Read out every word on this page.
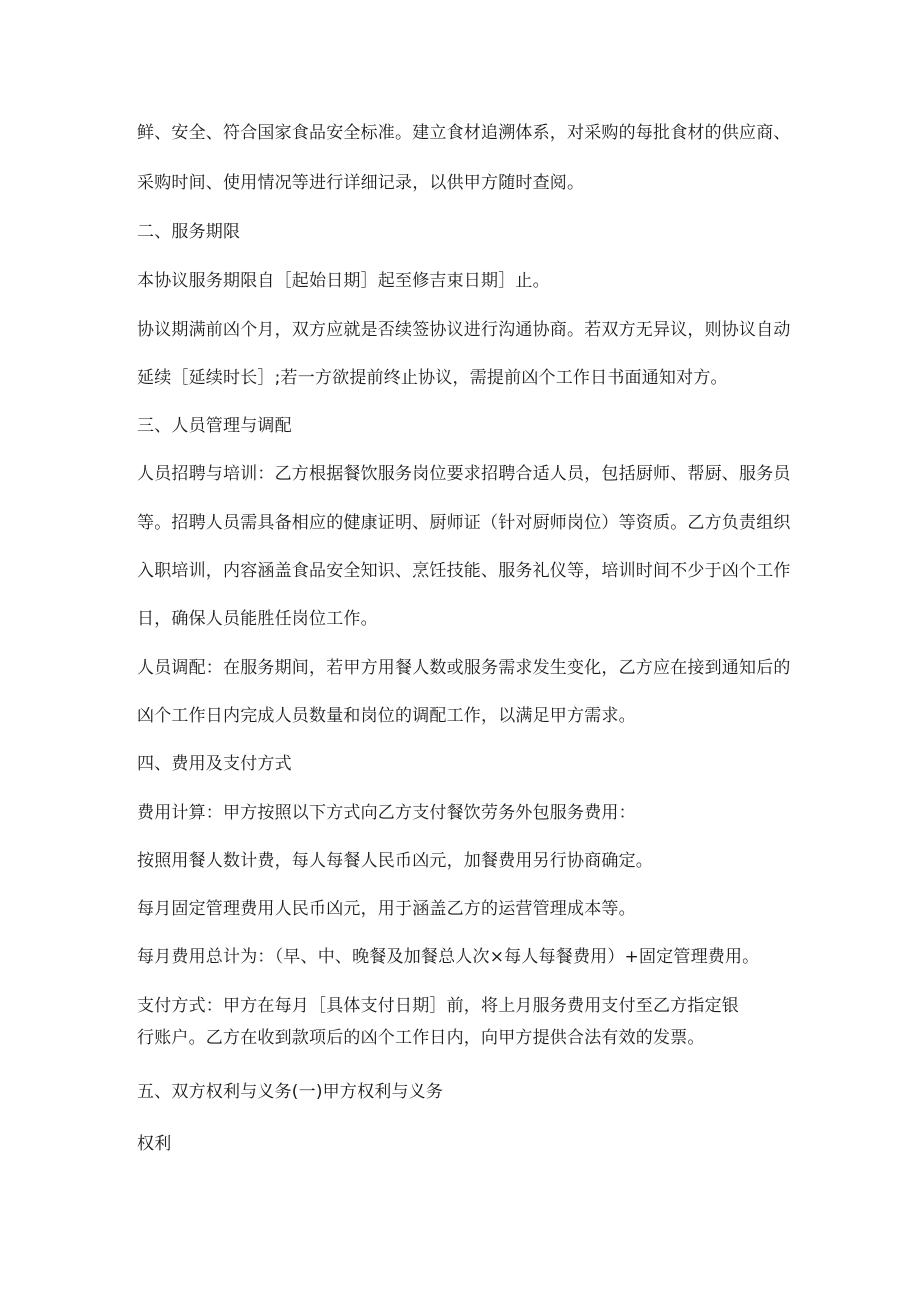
鲜、安全、符合国家食品安全标准。建立食材追溯体系，对采购的每批食材的供应商、

采购时间、使用情况等进行详细记录，以供甲方随时查阅。

二、服务期限

本协议服务期限自［起始日期］起至修吉束日期］止。

协议期满前凶个月，双方应就是否续签协议进行沟通协商。若双方无异议，则协议自动

延续［延续时长］;若一方欲提前终止协议，需提前凶个工作日书面通知对方。

三、人员管理与调配

人员招聘与培训：乙方根据餐饮服务岗位要求招聘合适人员，包括厨师、帮厨、服务员

等。招聘人员需具备相应的健康证明、厨师证（针对厨师岗位）等资质。乙方负责组织

入职培训，内容涵盖食品安全知识、烹饪技能、服务礼仪等，培训时间不少于凶个工作

日，确保人员能胜任岗位工作。

人员调配：在服务期间，若甲方用餐人数或服务需求发生变化，乙方应在接到通知后的

凶个工作日内完成人员数量和岗位的调配工作，以满足甲方需求。

四、费用及支付方式

费用计算：甲方按照以下方式向乙方支付餐饮劳务外包服务费用：

按照用餐人数计费，每人每餐人民币凶元，加餐费用另行协商确定。

每月固定管理费用人民币凶元，用于涵盖乙方的运营管理成本等。

每月费用总计为：（早、中、晚餐及加餐总人次×每人每餐费用）+固定管理费用。

支付方式：甲方在每月［具体支付日期］前，将上月服务费用支付至乙方指定银

行账户。乙方在收到款项后的凶个工作日内，向甲方提供合法有效的发票。

五、双方权利与义务(一)甲方权利与义务

权利
